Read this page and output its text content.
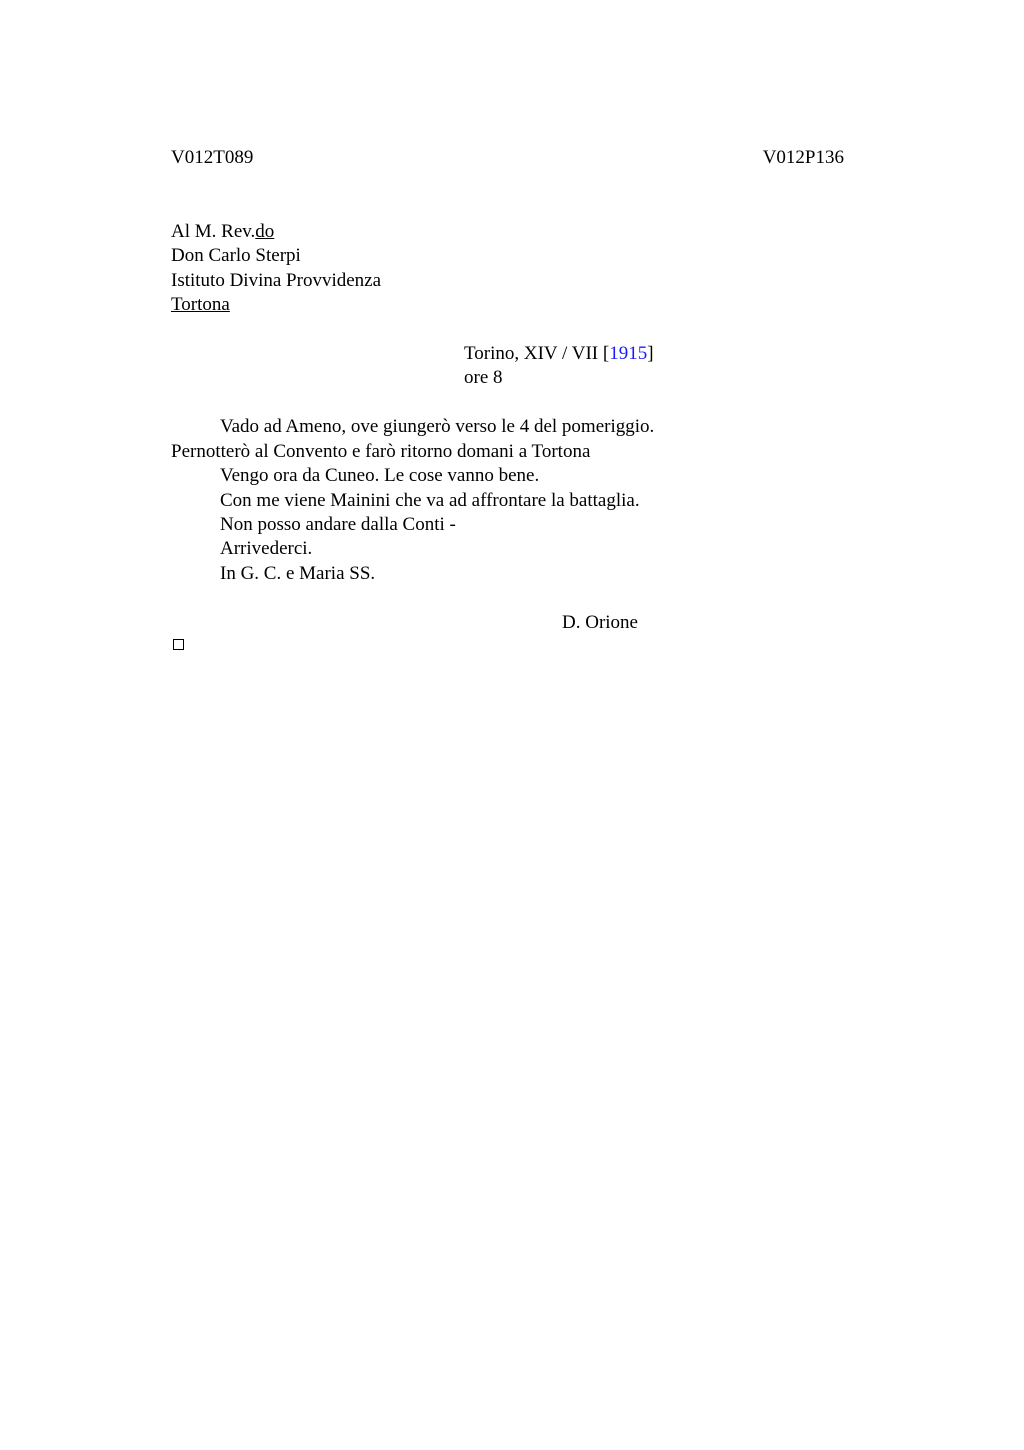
V012T089	V012P136
Al M. Rev.do
Don Carlo Sterpi
Istituto Divina Provvidenza
Tortona
Torino, XIV / VII [1915]
ore 8
Vado ad Ameno, ove giungerò verso le 4 del pomeriggio.
Pernotterò al Convento e farò ritorno domani a Tortona
Vengo ora da Cuneo. Le cose vanno bene.
Con me viene Mainini che va ad affrontare la battaglia.
Non posso andare dalla Conti -
Arrivederci.
In G. C. e Maria SS.
D. Orione
